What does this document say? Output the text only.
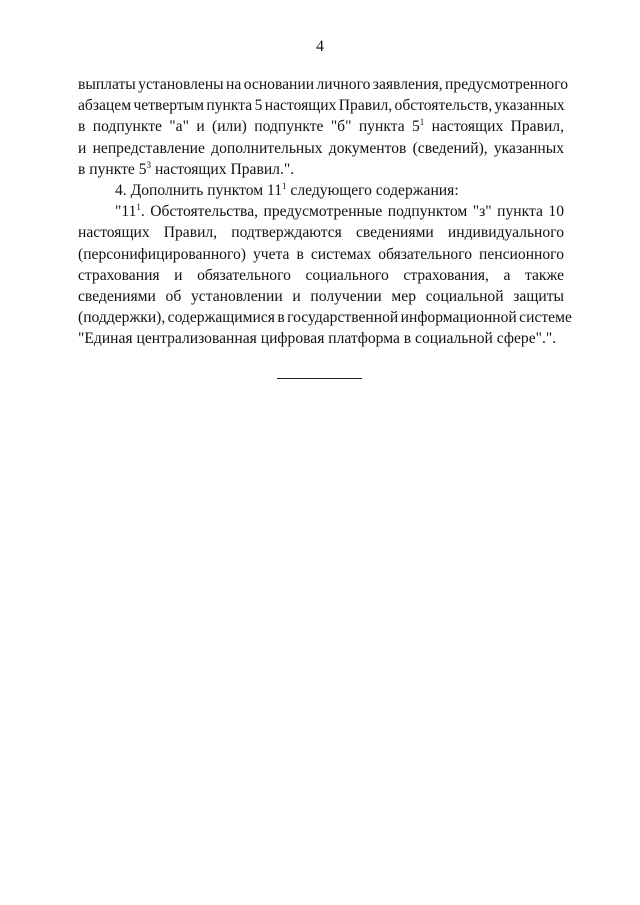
4
выплаты установлены на основании личного заявления, предусмотренного
абзацем четвертым пункта 5 настоящих Правил, обстоятельств, указанных
в подпункте "а" и (или) подпункте "б" пункта $5^1$ настоящих Правил,
и непредставление дополнительных документов (сведений), указанных
в пункте $5^3$ настоящих Правил.".
4. Дополнить пунктом $11^1$ следующего содержания:
"$11^1$. Обстоятельства, предусмотренные подпунктом "з" пункта 10
настоящих Правил, подтверждаются сведениями индивидуального
(персонифицированного) учета в системах обязательного пенсионного
страхования и обязательного социального страхования, а также
сведениями об установлении и получении мер социальной защиты
(поддержки), содержащимися в государственной информационной системе
"Единая централизованная цифровая платформа в социальной сфере".".
